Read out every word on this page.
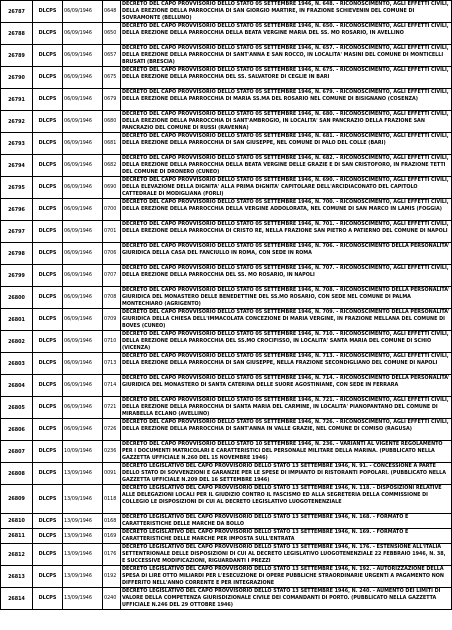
26787	DLCPS	06/09/1946	0648	DECRETO DEL CAPO PROVVISORIO DELLO STATO 05 SETTEMBRE 1946, N. 648. - RICONOSCIMENTO, AGLI EFFETTI CIVILI, DELLA EREZIONE DELLA PARROCCHIA DI SAN GIORGIO MARTIRE, IN FRAZIONE SCHIEVENIN DEL COMUNE DI SOVRAMONTE (BELLUNO)
26788	DLCPS	06/09/1946	0650	DECRETO DEL CAPO PROVVISORIO DELLO STATO 05 SETTEMBRE 1946, N. 650. - RICONOSCIMENTO, AGLI EFFETTI CIVILI, DELLA EREZIONE DELLA PARROCCHIA DELLA BEATA VERGINE MARIA DEL SS. MO ROSARIO, IN AVELLINO
26789	DLCPS	06/09/1946	0657	DECRETO DEL CAPO PROVVISORIO DELLO STATO 05 SETTEMBRE 1946, N. 657. - RICONOSCIMENTO, AGLI EFFETTI CIVILI, DELLA EREZIONE DELLA PARROCCHIA DI SANT'ANNA E SAN ROCCO, IN LOCALITA' MASINI DEL COMUNE DI MONTICELLI BRUSATI (BRESCIA)
26790	DLCPS	06/09/1946	0675	DECRETO DEL CAPO PROVVISORIO DELLO STATO 05 SETTEMBRE 1946, N. 675. - RICONOSCIMENTO, AGLI EFFETTI CIVILI, DELLA EREZIONE DELLA PARROCCHIA DEL SS. SALVATORE DI CEGLIE IN BARI
26791	DLCPS	06/09/1946	0679	DECRETO DEL CAPO PROVVISORIO DELLO STATO 05 SETTEMBRE 1946, N. 679. - RICONOSCIMENTO, AGLI EFFETTI CIVILI, DELLA EREZIONE DELLA PARROCCHIA DI MARIA SS.MA DEL ROSARIO NEL COMUNE DI BISIGNANO (COSENZA)
26792	DLCPS	06/09/1946	0680	DECRETO DEL CAPO PROVVISORIO DELLO STATO 05 SETTEMBRE 1946, N. 680. - RICONOSCIMENTO, AGLI EFFETTI CIVILI, DELLA EREZIONE DELLA PARROCCHIA DI SANT'AMBROGIO, IN LOCALITA' SAN PANCRAZIO DELLA FRAZIONE SAN PANCRAZIO DEL COMUNE DI RUSSI (RAVENNA)
26793	DLCPS	06/09/1946	0681	DECRETO DEL CAPO PROVVISORIO DELLO STATO 05 SETTEMBRE 1946, N. 681. - RICONOSCIMENTO, AGLI EFFETTI CIVILI, DELLA EREZIONE DELLA PARROCCHIA DI SAN GIUSEPPE, NEL COMUNE DI PALO DEL COLLE (BARI)
26794	DLCPS	06/09/1946	0682	DECRETO DEL CAPO PROVVISORIO DELLO STATO 05 SETTEMBRE 1946, N. 682. - RICONOSCIMENTO, AGLI EFFETTI CIVILI, DELLA EREZIONE DELLA PARROCCHIA DELLA BEATA VERGINE DELLE GRAZIE E DI SAN CRISTOFORO, IN FRAZIONE TETTI DEL COMUNE DI DRONERO (CUNEO)
26795	DLCPS	06/09/1946	0690	DECRETO DEL CAPO PROVVISORIO DELLO STATO 05 SETTEMBRE 1946, N. 690. - RICONOSCIMENTO, AGLI EFFETTI CIVILI, DELLA ELEVAZIONE DELLA DIGNITA' ALLA PRIMA DIGNITA' CAPITOLARE DELL'ARCIDIACONATO DEL CAPITOLO CATTEDRALE DI MODIGLIANA (FORLI)
26796	DLCPS	06/09/1946	0700	DECRETO DEL CAPO PROVVISORIO DELLO STATO 05 SETTEMBRE 1946, N. 700. - RICONOSCIMENTO, AGLI EFFETTI CIVILI, DELLA EREZIONE DELLA PARROCCHIA DELLA VERGINE ADDOLORATA, NEL COMUNE DI SAN MARCO IN LAMIS (FOGGIA)
26797	DLCPS	06/09/1946	0701	DECRETO DEL CAPO PROVVISORIO DELLO STATO 05 SETTEMBRE 1946, N. 701. - RICONOSCIMENTO, AGLI EFFETTI CIVILI, DELLA EREZIONE DELLA PARROCCHIA DI CRISTO RE, NELLA FRAZIONE SAN PIETRO A PATIERNO DEL COMUNE DI NAPOLI
26798	DLCPS	06/09/1946	0706	DECRETO DEL CAPO PROVVISORIO DELLO STATO 05 SETTEMBRE 1946, N. 706. - RICONOSCIMENTO DELLA PERSONALITA' GIURIDICA DELLA CASA DEL FANCIULLO IN ROMA, CON SEDE IN ROMA
26799	DLCPS	06/09/1946	0707	DECRETO DEL CAPO PROVVISORIO DELLO STATO 05 SETTEMBRE 1946, N. 707. - RICONOSCIMENTO, AGLI EFFETTI CIVILI, DELLA EREZIONE DELLA PARROCCHIA DEL SS. MO ROSARIO, IN NAPOLI
26800	DLCPS	06/09/1946	0708	DECRETO DEL CAPO PROVVISORIO DELLO STATO 05 SETTEMBRE 1946, N. 708. - RICONOSCIMENTO DELLA PERSONALITA' GIURIDICA DEL MONASTERO DELLE BENEDETTINE DEL SS.MO ROSARIO, CON SEDE NEL COMUNE DI PALMA MONTECHIARO (AGRIGENTO)
26801	DLCPS	06/09/1946	0709	DECRETO DEL CAPO PROVVISORIO DELLO STATO 05 SETTEMBRE 1946, N. 709. - RICONOSCIMENTO DELLA PERSONALITA' GIURIDICA DELLA CHIESA DELL'IMMACOLATA CONCEZIONE DI MARIA VERGINE, IN FRAZIONE MELLANA DEL COMUNE DI BOVES (CUNEO)
26802	DLCPS	06/09/1946	0710	DECRETO DEL CAPO PROVVISORIO DELLO STATO 05 SETTEMBRE 1946, N. 710. - RICONOSCIMENTO, AGLI EFFETTI CIVILI, DELLA EREZIONE DELLA PARROCCHIA DEL SS.MO CROCIFISSO, IN LOCALITA' SANTA MARIA DEL COMUNE DI SCHIO (VICENZA)
26803	DLCPS	06/09/1946	0713	DECRETO DEL CAPO PROVVISORIO DELLO STATO 05 SETTEMBRE 1946, N. 713. - RICONOSCIMENTO, AGLI EFFETTI CIVILI, DELLA EREZIONE DELLA PARROCCHIA DI SAN GIUSEPPE, NELLA FRAZIONE SECONDIGLIANO DEL COMUNE DI NAPOLI
26804	DLCPS	06/09/1946	0714	DECRETO DEL CAPO PROVVISORIO DELLO STATO 05 SETTEMBRE 1946, N. 714. - RICONOSCIMENTO DELLA PERSONALITA' GIURIDICA DEL MONASTERO DI SANTA CATERINA DELLE SUORE AGOSTINIANE, CON SEDE IN FERRARA
26805	DLCPS	06/09/1946	0721	DECRETO DEL CAPO PROVVISORIO DELLO STATO 05 SETTEMBRE 1946, N. 721. - RICONOSCIMENTO, AGLI EFFETTI CIVILI, DELLA EREZIONE DELLA PARROCCHIA DI SANTA MARIA DEL CARMINE, IN LOCALITA' PIANOPANTANO DEL COMUNE DI MIRABELLA ECLANO (AVELLINO)
26806	DLCPS	06/09/1946	0726	DECRETO DEL CAPO PROVVISORIO DELLO STATO 05 SETTEMBRE 1946, N. 726. - RICONOSCIMENTO, AGLI EFFETTI CIVILI, DELLA EREZIONE DELLA PARROCCHIA DI SANT'ANNA IN VALLE GRAZIE, NEL COMUNE DI COMISO (RAGUSA)
26807	DLCPS	10/09/1946	0236	DECRETO DEL CAPO PROVVISORIO DELLO STATO 10 SETTEMBRE 1946, N. 236. - VARIANTI AL VIGENTE REGOLAMENTO PER I DOCUMENTI MATRICOLARI E CARATTERISTICI DEL PERSONALE MILITARE DELLA MARINA. (PUBBLICATO NELLA GAZZETTA UFFICIALE N.260 DEL 15 NOVEMBRE 1946)
26808	DLCPS	13/09/1946	0091	DECRETO LEGISLATIVO DEL CAPO PROVVISORIO DELLO STATO 13 SETTEMBRE 1946, N. 91. - CONCESSIONE A PARTE DELLO STATO DI SOVVENZIONI E GARANZIE PER LE SPESE DI IMPIANTO DI RISTORANTI POPOLARI. (PUBBLICATO NELLA GAZZETTA UFFICIALE N.209 DEL 16 SETTEMBRE 1946)
26809	DLCPS	13/09/1946	0118	DECRETO LEGISLATIVO DEL CAPO PROVVISORIO DELLO STATO 13 SETTEMBRE 1946, N. 118. - DISPOSIZIONI RELATIVE ALLE DELEGAZIONI LOCALI PER IL GIUDIZIO CONTRO IL FASCISMO ED ALLA SEGRETERIA DELLA COMMISSIONE DI COLLEGIO LE DISPOSIZIONI DI CUI AL DECRETO LEGISLATIVO LUOGOTENENZIALE
26810	DLCPS	13/09/1946	0168	DECRETO LEGISLATIVO DEL CAPO PROVVISORIO DELLO STATO 13 SETTEMBRE 1946, N. 168. - FORMATO E CARATTERISTICHE DELLE MARCHE DA BOLLO
26811	DLCPS	13/09/1946	0169	DECRETO LEGISLATIVO DEL CAPO PROVVISORIO DELLO STATO 13 SETTEMBRE 1946, N. 169. - FORMATO E CARATTERISTICHE DELLE MARCHE PER IMPOSTA SULL'ENTRATA
26812	DLCPS	13/09/1946	0176	DECRETO LEGISLATIVO DEL CAPO PROVVISORIO DELLO STATO 13 SETTEMBRE 1946, N. 176. - ESTENSIONE ALL'ITALIA SETTENTRIONALE DELLE DISPOSIZIONI DI CUI AL DECRETO LEGISLATIVO LUOGOTENENZIALE 22 FEBBRAIO 1946, N. 38, E SUCCESSIVE MODIFICAZIONI, RIGUARDANTI I PREZZI
26813	DLCPS	13/09/1946	0192	DECRETO LEGISLATIVO DEL CAPO PROVVISORIO DELLO STATO 13 SETTEMBRE 1946, N. 192. - AUTORIZZAZIONE DELLA SPESA DI LIRE OTTO MILIARDI PER L'ESECUZIONE DI OPERE PUBBLICHE STRAORDINARIE URGENTI A PAGAMENTO NON DIFFERITO NELL'ANNO CORRENTE E PER INTEGRAZIONE
26814	DLCPS	13/09/1946	0240	DECRETO LEGISLATIVO DEL CAPO PROVVISORIO DELLO STATO 13 SETTEMBRE 1946, N. 240. - AUMENTO DEI LIMITI DI VALORE DELLA COMPETENZA GIURISDIZIONALE CIVILE DEI COMANDANTI DI PORTO. (PUBBLICATO NELLA GAZZETTA UFFICIALE N.246 DEL 29 OTTOBRE 1946)
